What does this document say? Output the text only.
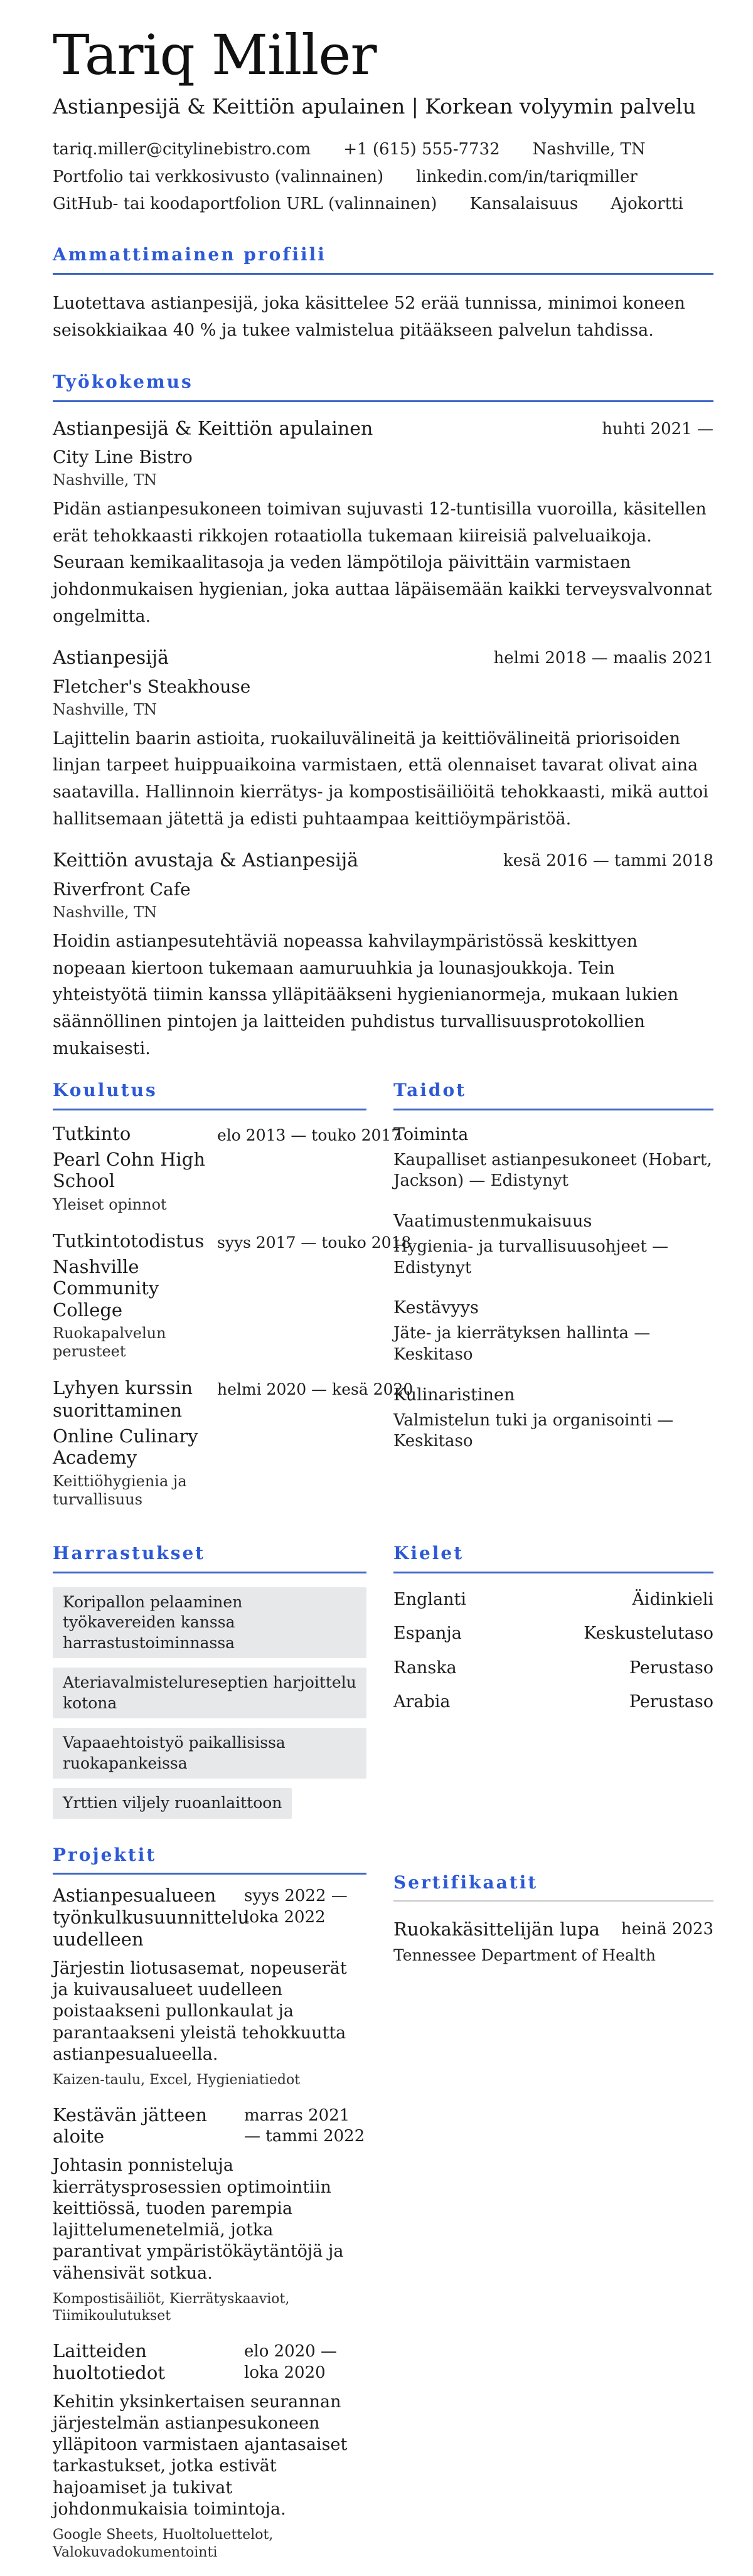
Tariq Miller
Astianpesijä & Keittiön apulainen | Korkean volyymin palvelu
tariq.miller@citylinebistro.com +1 (615) 555-7732 Nashville, TN
Portfolio tai verkkosivusto (valinnainen) linkedin.com/in/tariqmiller
GitHub- tai koodaportfolion URL (valinnainen) Kansalaisuus Ajokortti
Ammattimainen profiili
Luotettava astianpesijä, joka käsittelee 52 erää tunnissa, minimoi koneen seisokkiaikaa 40 % ja tukee valmistelua pitääkseen palvelun tahdissa.
Työkokemus
Astianpesijä & Keittiön apulainen	huhti 2021 —
City Line Bistro
Nashville, TN
Pidän astianpesukoneen toimivan sujuvasti 12-tuntisilla vuoroilla, käsitellen erät tehokkaasti rikkojen rotaatiolla tukemaan kiireisiä palveluaikoja. Seuraan kemikaalitasoja ja veden lämpötiloja päivittäin varmistaen johdonmukaisen hygienian, joka auttaa läpäisemään kaikki terveysvalvonnat ongelmitta.
Astianpesijä	helmi 2018 — maalis 2021
Fletcher's Steakhouse
Nashville, TN
Lajittelin baarin astioita, ruokailuvälineitä ja keittiövälineitä priorisoiden linjan tarpeet huippuaikoina varmistaen, että olennaiset tavarat olivat aina saatavilla. Hallinnoin kierrätys- ja kompostisäiliöitä tehokkaasti, mikä auttoi hallitsemaan jätettä ja edisti puhtaampaa keittiöympäristöä.
Keittiön avustaja & Astianpesijä	kesä 2016 — tammi 2018
Riverfront Cafe
Nashville, TN
Hoidin astianpesutehtäviä nopeassa kahvilaympäristössä keskittyen nopeaan kiertoon tukemaan aamuruuhkia ja lounasjoukkoja. Tein yhteistyötä tiimin kanssa ylläpitääkseni hygienianormeja, mukaan lukien säännöllinen pintojen ja laitteiden puhdistus turvallisuusprotokollien mukaisesti.
Koulutus
Tutkinto
Pearl Cohn High School
Yleiset opinnot
elo 2013 — touko 2017
Tutkintotodistus
Nashville Community College
Ruokapalvelun perusteet
syys 2017 — touko 2018
Lyhyen kurssin suorittaminen
Online Culinary Academy
Keittiöhygienia ja turvallisuus
helmi 2020 — kesä 2020
Taidot
Toiminta
Kaupalliset astianpesukoneet (Hobart, Jackson) — Edistynyt
Vaatimustenmukaisuus
Hygienia- ja turvallisuusohjeet — Edistynyt
Kestävyys
Jäte- ja kierrätyksen hallinta — Keskitaso
Kulinaristinen
Valmistelun tuki ja organisointi — Keskitaso
Harrastukset
Koripallon pelaaminen työkavereiden kanssa harrastustoiminnassa
Ateriavalmistelureseptien harjoittelu kotona
Vapaaehtoistyö paikallisissa ruokapankeissa
Yrttien viljely ruoanlaittoon
Kielet
Englanti	Äidinkieli
Espanja	Keskustelutaso
Ranska	Perustaso
Arabia	Perustaso
Projektit
Astianpesualueen työnkulkusuunnittelu uudelleen
syys 2022 — loka 2022
Järjestin liotusasemat, nopeuserät ja kuivausalueet uudelleen poistaakseni pullonkaulat ja parantaakseni yleistä tehokkuutta astianpesualueella.
Kaizen-taulu, Excel, Hygieniatiedot
Kestävän jätteen aloite
marras 2021 — tammi 2022
Johtasin ponnisteluja kierrätysprosessien optimointiin keittiössä, tuoden parempia lajittelumenetelmiä, jotka parantivat ympäristökäytäntöjä ja vähensivät sotkua.
Kompostisäiliöt, Kierrätyskaaviot, Tiimikoulutukset
Laitteiden huoltotiedot
elo 2020 — loka 2020
Kehitin yksinkertaisen seurannan järjestelmän astianpesukoneen ylläpitoon varmistaen ajantasaiset tarkastukset, jotka estivät hajoamiset ja tukivat johdonmukaisia toimintoja.
Google Sheets, Huoltoluettelot, Valokuvadokumentointi
Sertifikaatit
Ruokakäsittelijän lupa	heinä 2023
Tennessee Department of Health
